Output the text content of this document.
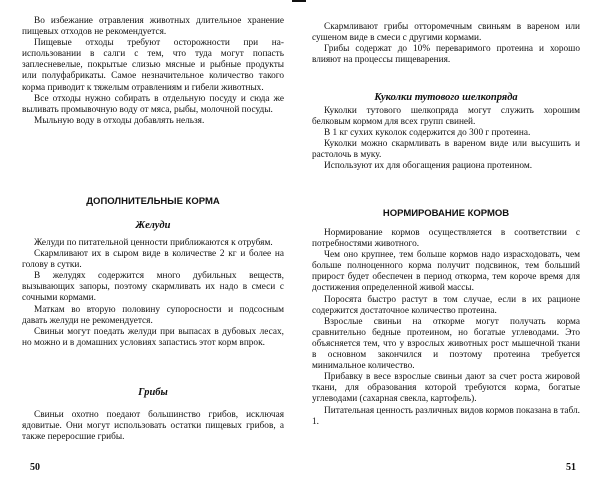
Во избежание отравления животных длительное хранение пищевых отходов не рекомендуется.

Пищевые отходы требуют осторожности при на-использовании в салги с тем, что туда могут попасть заплесневелые, покрытые слизью мясные и рыбные продукты или полуфабрикаты. Самое незначительное количество такого корма приводит к тяжелым отравлениям и гибели животных.

Все отходы нужно собирать в отдельную посуду и сюда же выливать промывочную воду от мяса, рыбы, молочной посуды.

Мыльную воду в отходы добавлять нельзя.

ДОПОЛНИТЕЛЬНЫЕ КОРМА
Желуди

Желуди по питательной ценности приближаются к отрубям.

Скармливают их в сыром виде в количестве 2 кг и более на голову в сутки.

В желудях содержится много дубильных веществ, вызывающих запоры, поэтому скармливать их надо в смеси с сочными кормами.

Маткам во вторую половину супоросности и подсосным давать желуди не рекомендуется.

Свиньи могут поедать желуди при выпасах в дубовых лесах, но можно и в домашних условиях запастись этот корм впрок.

Грибы

Свиньи охотно поедают большинство грибов, исключая ядовитые. Они могут использовать остатки пищевых грибов, а также переросшие грибы.

50

Скармливают грибы отторомечным свиньям в вареном или сушеном виде в смеси с другими кормами.

Грибы содержат до 10% переваримого протеина и хорошо влияют на процессы пищеварения.

Куколки тутового шелкопряда

Куколки тутового шелкопряда могут служить хорошим белковым кормом для всех групп свиней.

В 1 кг сухих куколок содержится до 300 г протеина.

Куколки можно скармливать в вареном виде или высушить и растолочь в муку.

Используют их для обогащения рациона протеином.

НОРМИРОВАНИЕ КОРМОВ

Нормирование кормов осуществляется в соответствии с потребностями животного.

Чем оно крупнее, тем больше кормов надо израсходовать, чем больше полноценного корма получит подсвинок, тем больший прирост будет обеспечен в период откорма, тем короче время для достижения определенной живой массы.

Поросята быстро растут в том случае, если в их рационе содержится достаточное количество протеина.

Взрослые свиньи на откорме могут получать корма сравнительно бедные протеином, но богатые углеводами. Это объясняется тем, что у взрослых животных рост мышечной ткани в основном закончился и поэтому протеина требуется минимальное количество.

Прибавку в весе взрослые свиньи дают за счет роста жировой ткани, для образования которой требуются корма, богатые углеводами (сахарная свекла, картофель).

Питательная ценность различных видов кормов показана в табл. 1.

51
